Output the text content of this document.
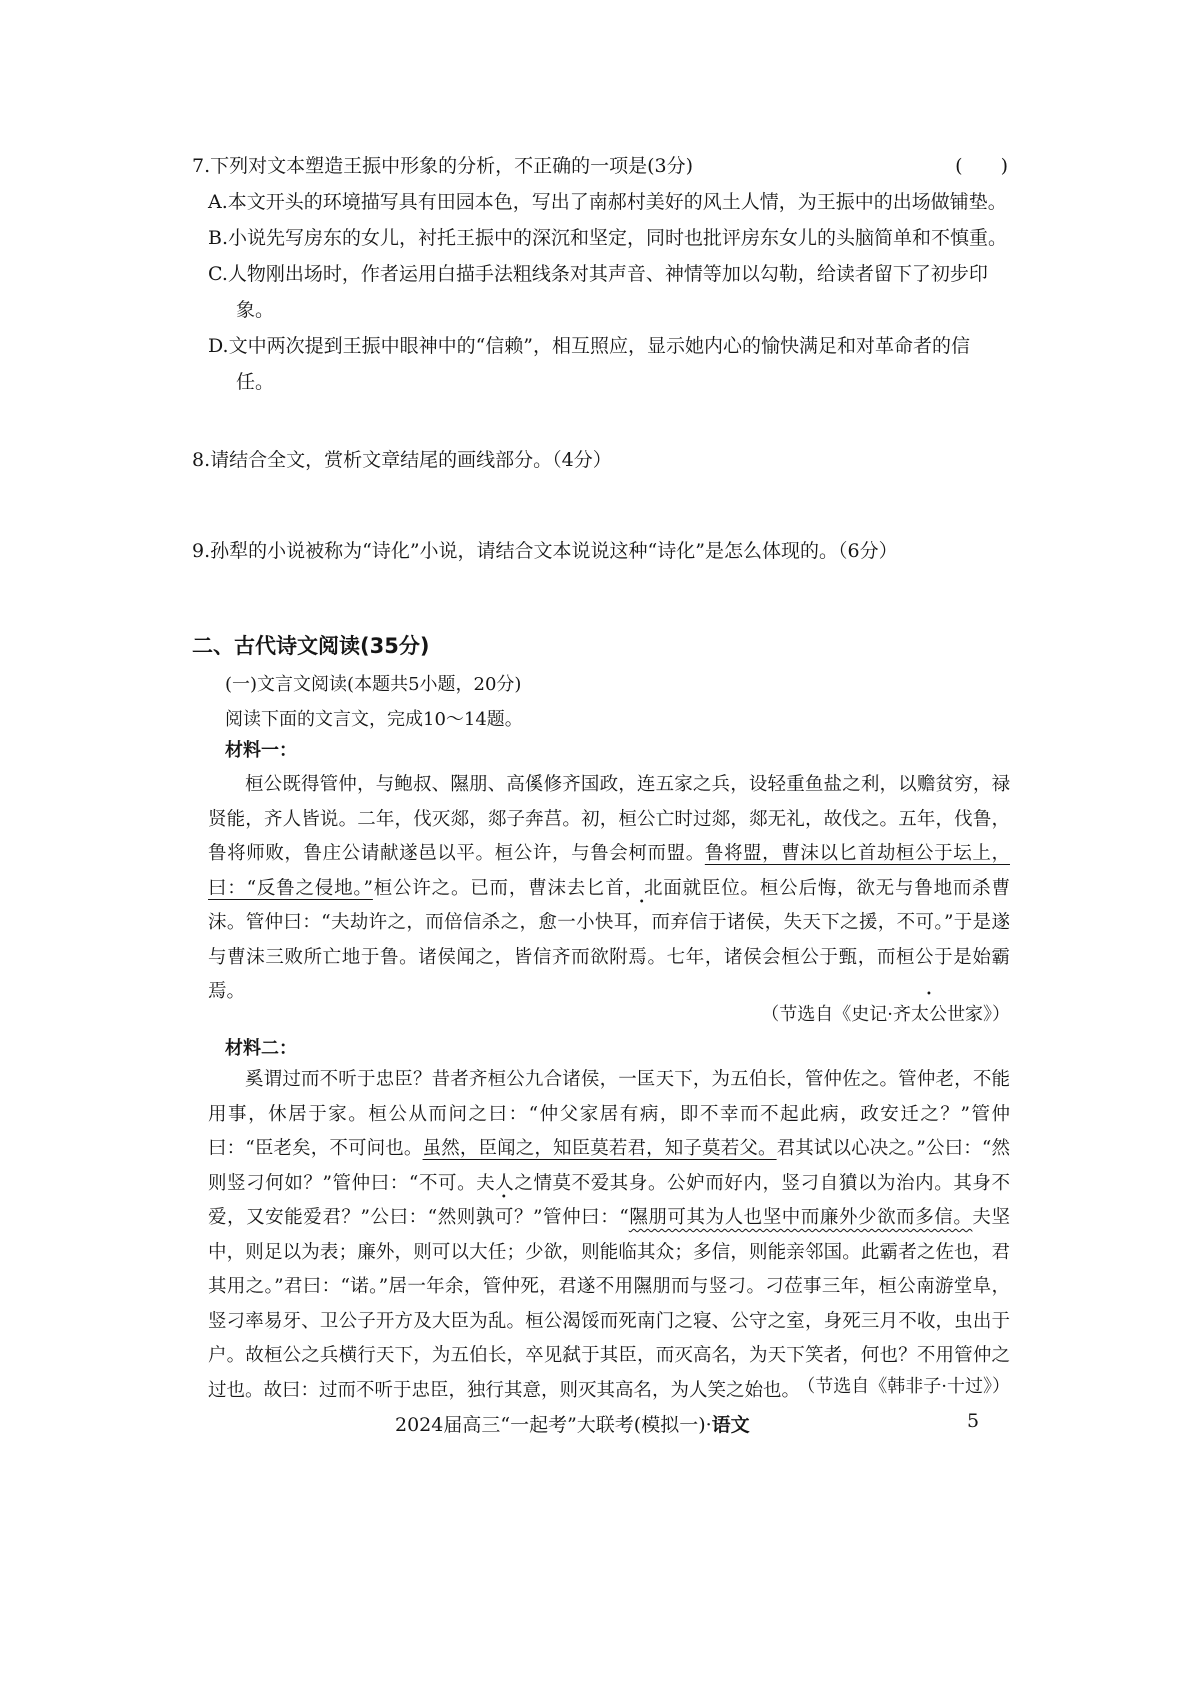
7.下列对文本塑造王振中形象的分析，不正确的一项是(3分)	(　　)

A.本文开头的环境描写具有田园本色，写出了南郝村美好的风土人情，为王振中的出场做铺垫。

B.小说先写房东的女儿，衬托王振中的深沉和坚定，同时也批评房东女儿的头脑简单和不慎重。

C.人物刚出场时，作者运用白描手法粗线条对其声音、神情等加以勾勒，给读者留下了初步印象。

D.文中两次提到王振中眼神中的“信赖”，相互照应，显示她内心的愉快满足和对革命者的信任。

8.请结合全文，赏析文章结尾的画线部分。（4分）
9.孙犁的小说被称为“诗化”小说，请结合文本说说这种“诗化”是怎么体现的。（6分）
二、古代诗文阅读(35分)
(一)文言文阅读(本题共5小题，20分)
阅读下面的文言文，完成10～14题。
材料一：

桓公既得管仲，与鲍叔、隰朋、高傒修齐国政，连五家之兵，设轻重鱼盐之利，以赡贫穷，禄贤能，齐人皆说。二年，伐灭郯，郯子奔莒。初，桓公亡时过郯，郯无礼，故伐之。五年，伐鲁，鲁将师败，鲁庄公请献遂邑以平。桓公许，与鲁会柯而盟。鲁将盟，曹沫以匕首劫桓公于坛上，曰：“反鲁之侵地。”桓公许之。已而，曹沫去匕首，北面就臣位。桓公后悔，欲无与鲁地而杀曹沫。管仲曰：“夫劫许之，而倍信杀之，愈一小快耳，而弃信于诸侯，失天下之援，不可。”于是遂与曹沫三败所亡地于鲁。诸侯闻之，皆信齐而欲附焉。七年，诸侯会桓公于甄，而桓公于是始霸焉。

（节选自《史记·齐太公世家》）
材料二：

奚谓过而不听于忠臣？昔者齐桓公九合诸侯，一匡天下，为五伯长，管仲佐之。管仲老，不能用事，休居于家。桓公从而问之曰：“仲父家居有病，即不幸而不起此病，政安迁之？”管仲曰：“臣老矣，不可问也。虽然，臣闻之，知臣莫若君，知子莫若父。君其试以心决之。”公曰：“然则竖刁何如？”管仲曰：“不可。夫人之情莫不爱其身。公妒而好内，竖刁自獖以为治内。其身不爱，又安能爱君？”公曰：“然则孰可？”管仲曰：“隰朋可其为人也坚中而廉外少欲而多信。夫坚中，则足以为表；廉外，则可以大任；少欲，则能临其众；多信，则能亲邻国。此霸者之佐也，君其用之。”君曰：“诺。”居一年余，管仲死，君遂不用隰朋而与竖刁。刁莅事三年，桓公南游堂阜，竖刁率易牙、卫公子开方及大臣为乱。桓公渴馁而死南门之寝、公守之室，身死三月不收，虫出于户。故桓公之兵横行天下，为五伯长，卒见弑于其臣，而灭高名，为天下笑者，何也？不用管仲之过也。故曰：过而不听于忠臣，独行其意，则灭其高名，为人笑之始也。

（节选自《韩非子·十过》）
2024届高三“一起考”大联考(模拟一)·语文	5
